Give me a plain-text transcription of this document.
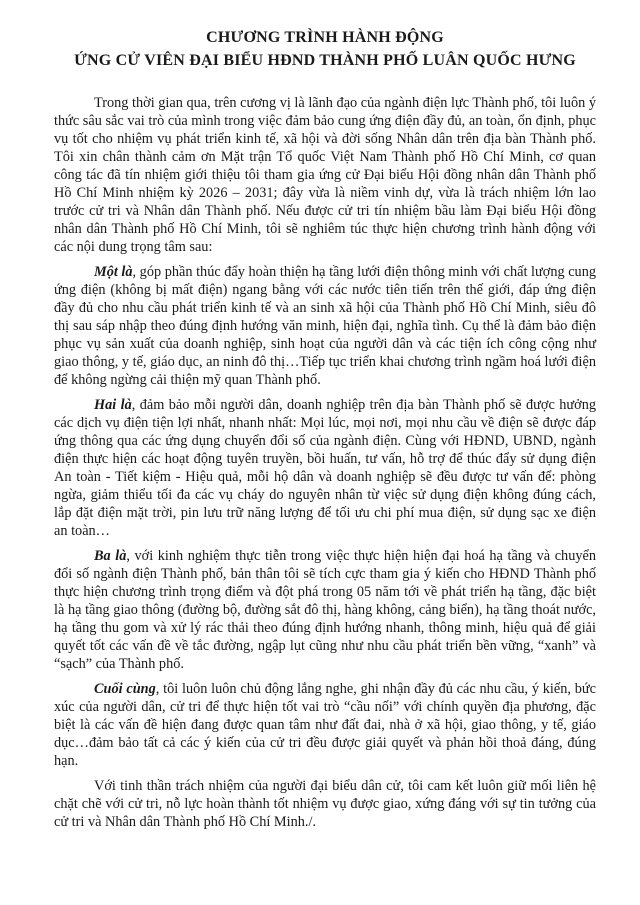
CHƯƠNG TRÌNH HÀNH ĐỘNG
ỨNG CỬ VIÊN ĐẠI BIỂU HĐND THÀNH PHỐ LUÂN QUỐC HƯNG

Trong thời gian qua, trên cương vị là lãnh đạo của ngành điện lực Thành phố, tôi luôn ý thức sâu sắc vai trò của mình trong việc đảm bảo cung ứng điện đầy đủ, an toàn, ổn định, phục vụ tốt cho nhiệm vụ phát triển kinh tế, xã hội và đời sống Nhân dân trên địa bàn Thành phố. Tôi xin chân thành cảm ơn Mặt trận Tổ quốc Việt Nam Thành phố Hồ Chí Minh, cơ quan công tác đã tín nhiệm giới thiệu tôi tham gia ứng cử Đại biểu Hội đồng nhân dân Thành phố Hồ Chí Minh nhiệm kỳ 2026 – 2031; đây vừa là niềm vinh dự, vừa là trách nhiệm lớn lao trước cử tri và Nhân dân Thành phố. Nếu được cử tri tín nhiệm bầu làm Đại biểu Hội đồng nhân dân Thành phố Hồ Chí Minh, tôi sẽ nghiêm túc thực hiện chương trình hành động với các nội dung trọng tâm sau:

Một là, góp phần thúc đẩy hoàn thiện hạ tầng lưới điện thông minh với chất lượng cung ứng điện (không bị mất điện) ngang bằng với các nước tiên tiến trên thế giới, đáp ứng điện đầy đủ cho nhu cầu phát triển kinh tế và an sinh xã hội của Thành phố Hồ Chí Minh, siêu đô thị sau sáp nhập theo đúng định hướng văn minh, hiện đại, nghĩa tình. Cụ thể là đảm bảo điện phục vụ sản xuất của doanh nghiệp, sinh hoạt của người dân và các tiện ích công cộng như giao thông, y tế, giáo dục, an ninh đô thị…Tiếp tục triển khai chương trình ngầm hoá lưới điện để không ngừng cải thiện mỹ quan Thành phố.

Hai là, đảm bảo mỗi người dân, doanh nghiệp trên địa bàn Thành phố sẽ được hưởng các dịch vụ điện tiện lợi nhất, nhanh nhất: Mọi lúc, mọi nơi, mọi nhu cầu về điện sẽ được đáp ứng thông qua các ứng dụng chuyển đổi số của ngành điện. Cùng với HĐND, UBND, ngành điện thực hiện các hoạt động tuyên truyền, bồi huấn, tư vấn, hỗ trợ để thúc đẩy sử dụng điện An toàn - Tiết kiệm - Hiệu quả, mỗi hộ dân và doanh nghiệp sẽ đều được tư vấn để: phòng ngừa, giảm thiểu tối đa các vụ cháy do nguyên nhân từ việc sử dụng điện không đúng cách, lắp đặt điện mặt trời, pin lưu trữ năng lượng để tối ưu chi phí mua điện, sử dụng sạc xe điện an toàn…

Ba là, với kinh nghiệm thực tiễn trong việc thực hiện hiện đại hoá hạ tầng và chuyển đổi số ngành điện Thành phố, bản thân tôi sẽ tích cực tham gia ý kiến cho HĐND Thành phố thực hiện chương trình trọng điểm và đột phá trong 05 năm tới về phát triển hạ tầng, đặc biệt là hạ tầng giao thông (đường bộ, đường sắt đô thị, hàng không, cảng biển), hạ tầng thoát nước, hạ tầng thu gom và xử lý rác thải theo đúng định hướng nhanh, thông minh, hiệu quả để giải quyết tốt các vấn đề về tắc đường, ngập lụt cũng như nhu cầu phát triển bền vững, “xanh” và “sạch” của Thành phố.

Cuối cùng, tôi luôn luôn chủ động lắng nghe, ghi nhận đầy đủ các nhu cầu, ý kiến, bức xúc của người dân, cử tri để thực hiện tốt vai trò “cầu nối” với chính quyền địa phương, đặc biệt là các vấn đề hiện đang được quan tâm như đất đai, nhà ở xã hội, giao thông, y tế, giáo dục…đảm bảo tất cả các ý kiến của cử tri đều được giải quyết và phản hồi thoả đáng, đúng hạn.

Với tinh thần trách nhiệm của người đại biểu dân cử, tôi cam kết luôn giữ mối liên hệ chặt chẽ với cử tri, nỗ lực hoàn thành tốt nhiệm vụ được giao, xứng đáng với sự tin tưởng của cử tri và Nhân dân Thành phố Hồ Chí Minh./.
